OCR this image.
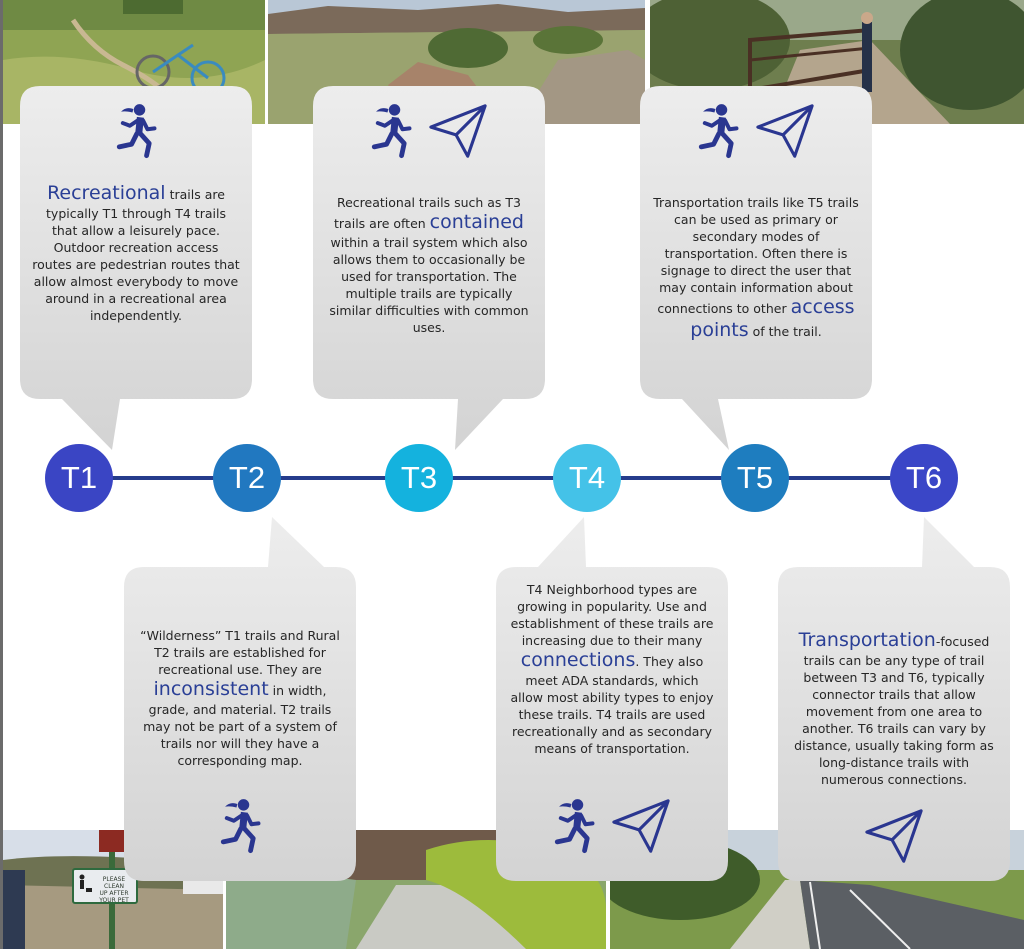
PLEASE CLEAN
UP AFTER
YOUR PET
T1	T2	T3	T4	T5	T6

Recreational trails are typically T1 through T4 trails that allow a leisurely pace. Outdoor recreation access routes are pedestrian routes that allow almost everybody to move around in a recreational area independently.

Recreational trails such as T3 trails are often contained within a trail system which also allows them to occasionally be used for transportation. The multiple trails are typically similar difficulties with common uses.

Transportation trails like T5 trails can be used as primary or secondary modes of transportation. Often there is signage to direct the user that may contain information about connections to other access points of the trail.

“Wilderness” T1 trails and Rural T2 trails are established for recreational use. They are inconsistent in width, grade, and material. T2 trails may not be part of a system of trails nor will they have a corresponding map.

T4 Neighborhood types are growing in popularity. Use and establishment of these trails are increasing due to their many connections. They also meet ADA standards, which allow most ability types to enjoy these trails. T4 trails are used recreationally and as secondary means of transportation.

Transportation-focused trails can be any type of trail between T3 and T6, typically connector trails that allow movement from one area to another. T6 trails can vary by distance, usually taking form as long-distance trails with numerous connections.
